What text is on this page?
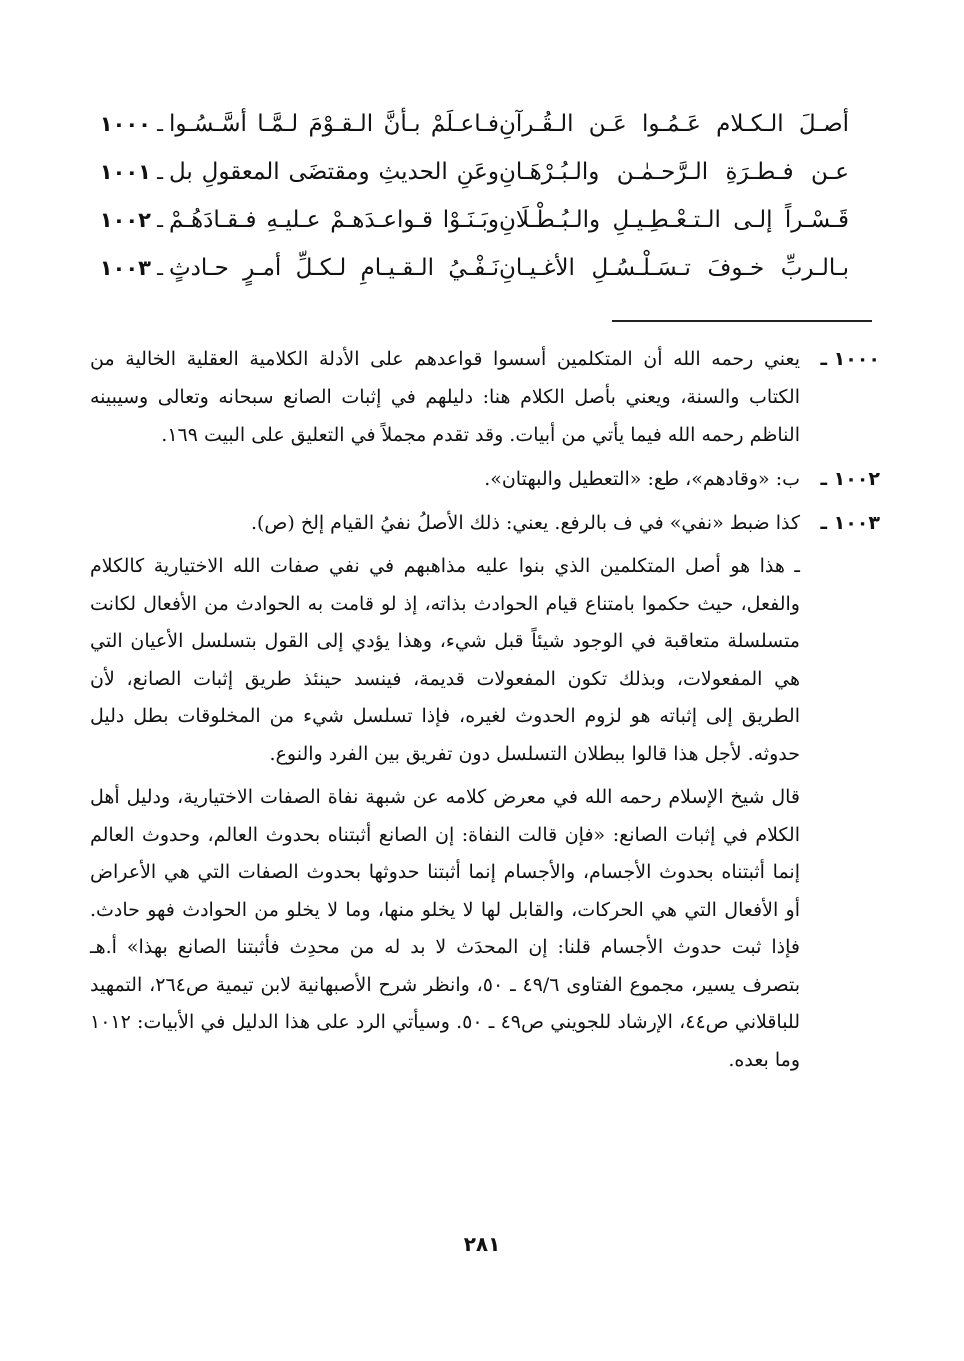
١٠٠٠ ـ فـاعـلَمْ بـأنَّ الـقـوْمَ لـمَّـا أسَّـسُـوا أصـلَ الـكـلام عَـمُـوا عَـن الـقُـرآنِ
١٠٠١ ـ وعَنِ الحديثِ ومقتضَى المعقولِ بل عـن فـطـرَةِ الـرَّحـمٰـن والـبُـرْهَـانِ
١٠٠٢ ـ وبَـنَـوْا قـواعـدَهـمْ عـليـهِ فـقـادَهُـمْ قَـسْـراً إلـى الـتـعْـطِـيـلِ والـبُـطْـلَانِ
١٠٠٣ ـ نَـفْـيُ الـقـيـامِ لـكـلِّ أمـرٍ حـادثٍ بـالـربِّ خـوفَ تـسَـلْـسُـلِ الأغـيـانِ
١٠٠٠ ـ
يعني رحمه الله أن المتكلمين أسسوا قواعدهم على الأدلة الكلامية العقلية الخالية من الكتاب والسنة، ويعني بأصل الكلام هنا: دليلهم في إثبات الصانع سبحانه وتعالى وسيبينه الناظم رحمه الله فيما يأتي من أبيات. وقد تقدم مجملاً في التعليق على البيت ١٦٩.
١٠٠٢ ـ
ب: «وقادهم»، طع: «التعطيل والبهتان».
١٠٠٣ ـ
كذا ضبط «نفي» في ف بالرفع. يعني: ذلك الأصلُ نفيُ القيام إلخ (ص).
ـ هذا هو أصل المتكلمين الذي بنوا عليه مذاهبهم في نفي صفات الله الاختيارية كالكلام والفعل، حيث حكموا بامتناع قيام الحوادث بذاته، إذ لو قامت به الحوادث من الأفعال لكانت متسلسلة متعاقبة في الوجود شيئاً قبل شيء، وهذا يؤدي إلى القول بتسلسل الأعيان التي هي المفعولات، وبذلك تكون المفعولات قديمة، فينسد حينئذ طريق إثبات الصانع، لأن الطريق إلى إثباته هو لزوم الحدوث لغيره، فإذا تسلسل شيء من المخلوقات بطل دليل حدوثه. لأجل هذا قالوا ببطلان التسلسل دون تفريق بين الفرد والنوع.
قال شيخ الإسلام رحمه الله في معرض كلامه عن شبهة نفاة الصفات الاختيارية، ودليل أهل الكلام في إثبات الصانع: «فإن قالت النفاة: إن الصانع أثبتناه بحدوث العالم، وحدوث العالم إنما أثبتناه بحدوث الأجسام، والأجسام إنما أثبتنا حدوثها بحدوث الصفات التي هي الأعراض أو الأفعال التي هي الحركات، والقابل لها لا يخلو منها، وما لا يخلو من الحوادث فهو حادث. فإذا ثبت حدوث الأجسام قلنا: إن المحدَث لا بد له من محدِث فأثبتنا الصانع بهذا» أ.هـ بتصرف يسير، مجموع الفتاوى ٤٩/٦ ـ ٥٠، وانظر شرح الأصبهانية لابن تيمية ص٢٦٤، التمهيد للباقلاني ص٤٤، الإرشاد للجويني ص٤٩ ـ ٥٠. وسيأتي الرد على هذا الدليل في الأبيات: ١٠١٢ وما بعده.
٢٨١
